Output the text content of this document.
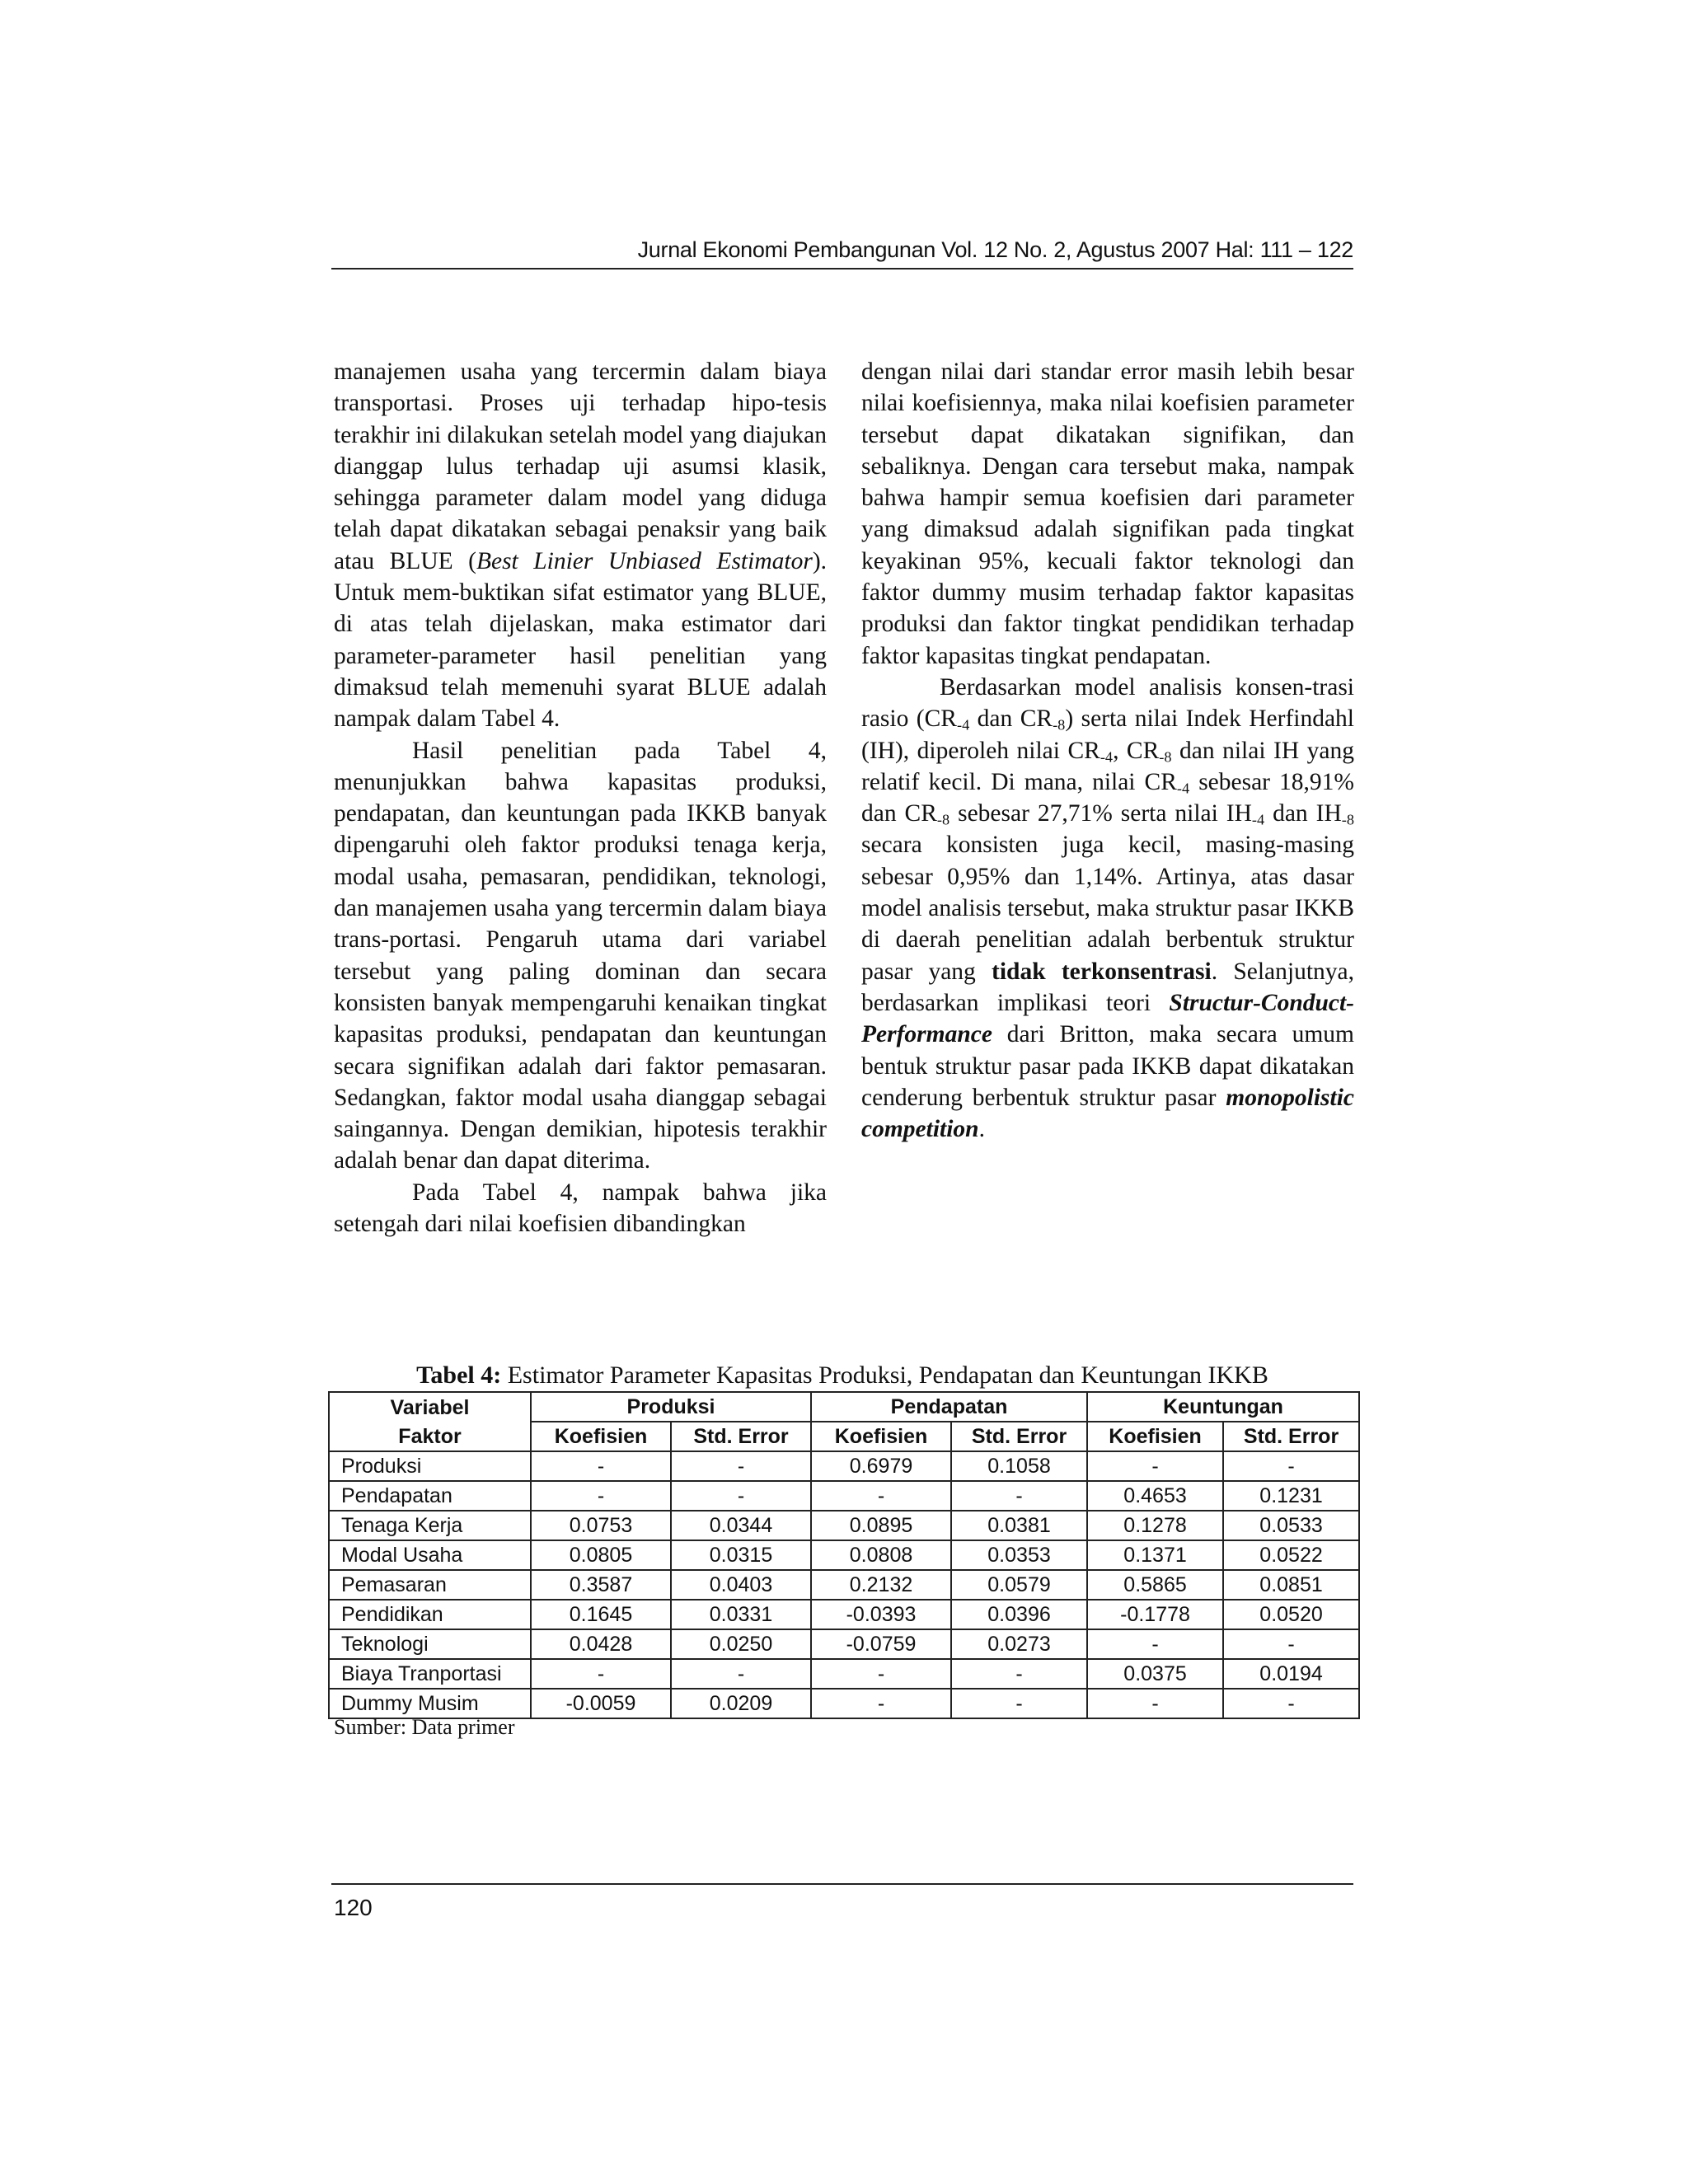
Jurnal Ekonomi Pembangunan Vol. 12 No. 2, Agustus 2007 Hal: 111 – 122

manajemen usaha yang tercermin dalam biaya transportasi. Proses uji terhadap hipo-tesis terakhir ini dilakukan setelah model yang diajukan dianggap lulus terhadap uji asumsi klasik, sehingga parameter dalam model yang diduga telah dapat dikatakan sebagai penaksir yang baik atau BLUE (Best Linier Unbiased Estimator). Untuk mem-buktikan sifat estimator yang BLUE, di atas telah dijelaskan, maka estimator dari parameter-parameter hasil penelitian yang dimaksud telah memenuhi syarat BLUE adalah nampak dalam Tabel 4.

Hasil penelitian pada Tabel 4, menunjukkan bahwa kapasitas produksi, pendapatan, dan keuntungan pada IKKB banyak dipengaruhi oleh faktor produksi tenaga kerja, modal usaha, pemasaran, pendidikan, teknologi, dan manajemen usaha yang tercermin dalam biaya trans-portasi. Pengaruh utama dari variabel tersebut yang paling dominan dan secara konsisten banyak mempengaruhi kenaikan tingkat kapasitas produksi, pendapatan dan keuntungan secara signifikan adalah dari faktor pemasaran. Sedangkan, faktor modal usaha dianggap sebagai saingannya. Dengan demikian, hipotesis terakhir adalah benar dan dapat diterima.

Pada Tabel 4, nampak bahwa jika setengah dari nilai koefisien dibandingkan

dengan nilai dari standar error masih lebih besar nilai koefisiennya, maka nilai koefisien parameter tersebut dapat dikatakan signifikan, dan sebaliknya. Dengan cara tersebut maka, nampak bahwa hampir semua koefisien dari parameter yang dimaksud adalah signifikan pada tingkat keyakinan 95%, kecuali faktor teknologi dan faktor dummy musim terhadap faktor kapasitas produksi dan faktor tingkat pendidikan terhadap faktor kapasitas tingkat pendapatan.

Berdasarkan model analisis konsen-trasi rasio ($CR_{-4}$ dan $CR_{-8}$) serta nilai Indek Herfindahl (IH), diperoleh nilai $CR_{-4}$, $CR_{-8}$ dan nilai IH yang relatif kecil. Di mana, nilai $CR_{-4}$ sebesar 18,91% dan $CR_{-8}$ sebesar 27,71% serta nilai $IH_{-4}$ dan $IH_{-8}$ secara konsisten juga kecil, masing-masing sebesar 0,95% dan 1,14%. Artinya, atas dasar model analisis tersebut, maka struktur pasar IKKB di daerah penelitian adalah berbentuk struktur pasar yang tidak terkonsentrasi. Selanjutnya, berdasarkan implikasi teori Structur-Conduct-Performance dari Britton, maka secara umum bentuk struktur pasar pada IKKB dapat dikatakan cenderung berbentuk struktur pasar monopolistic competition.

Tabel 4: Estimator Parameter Kapasitas Produksi, Pendapatan dan Keuntungan IKKB
Variabel	Produksi		Pendapatan		Keuntungan	
Faktor	Koefisien	Std. Error	Koefisien	Std. Error	Koefisien	Std. Error
Produksi	-	-	0.6979	0.1058	-	-
Pendapatan	-	-	-	-	0.4653	0.1231
Tenaga Kerja	0.0753	0.0344	0.0895	0.0381	0.1278	0.0533
Modal Usaha	0.0805	0.0315	0.0808	0.0353	0.1371	0.0522
Pemasaran	0.3587	0.0403	0.2132	0.0579	0.5865	0.0851
Pendidikan	0.1645	0.0331	-0.0393	0.0396	-0.1778	0.0520
Teknologi	0.0428	0.0250	-0.0759	0.0273	-	-
Biaya Tranportasi	-	-	-	-	0.0375	0.0194
Dummy Musim	-0.0059	0.0209	-	-	-	-
Sumber: Data primer
120
